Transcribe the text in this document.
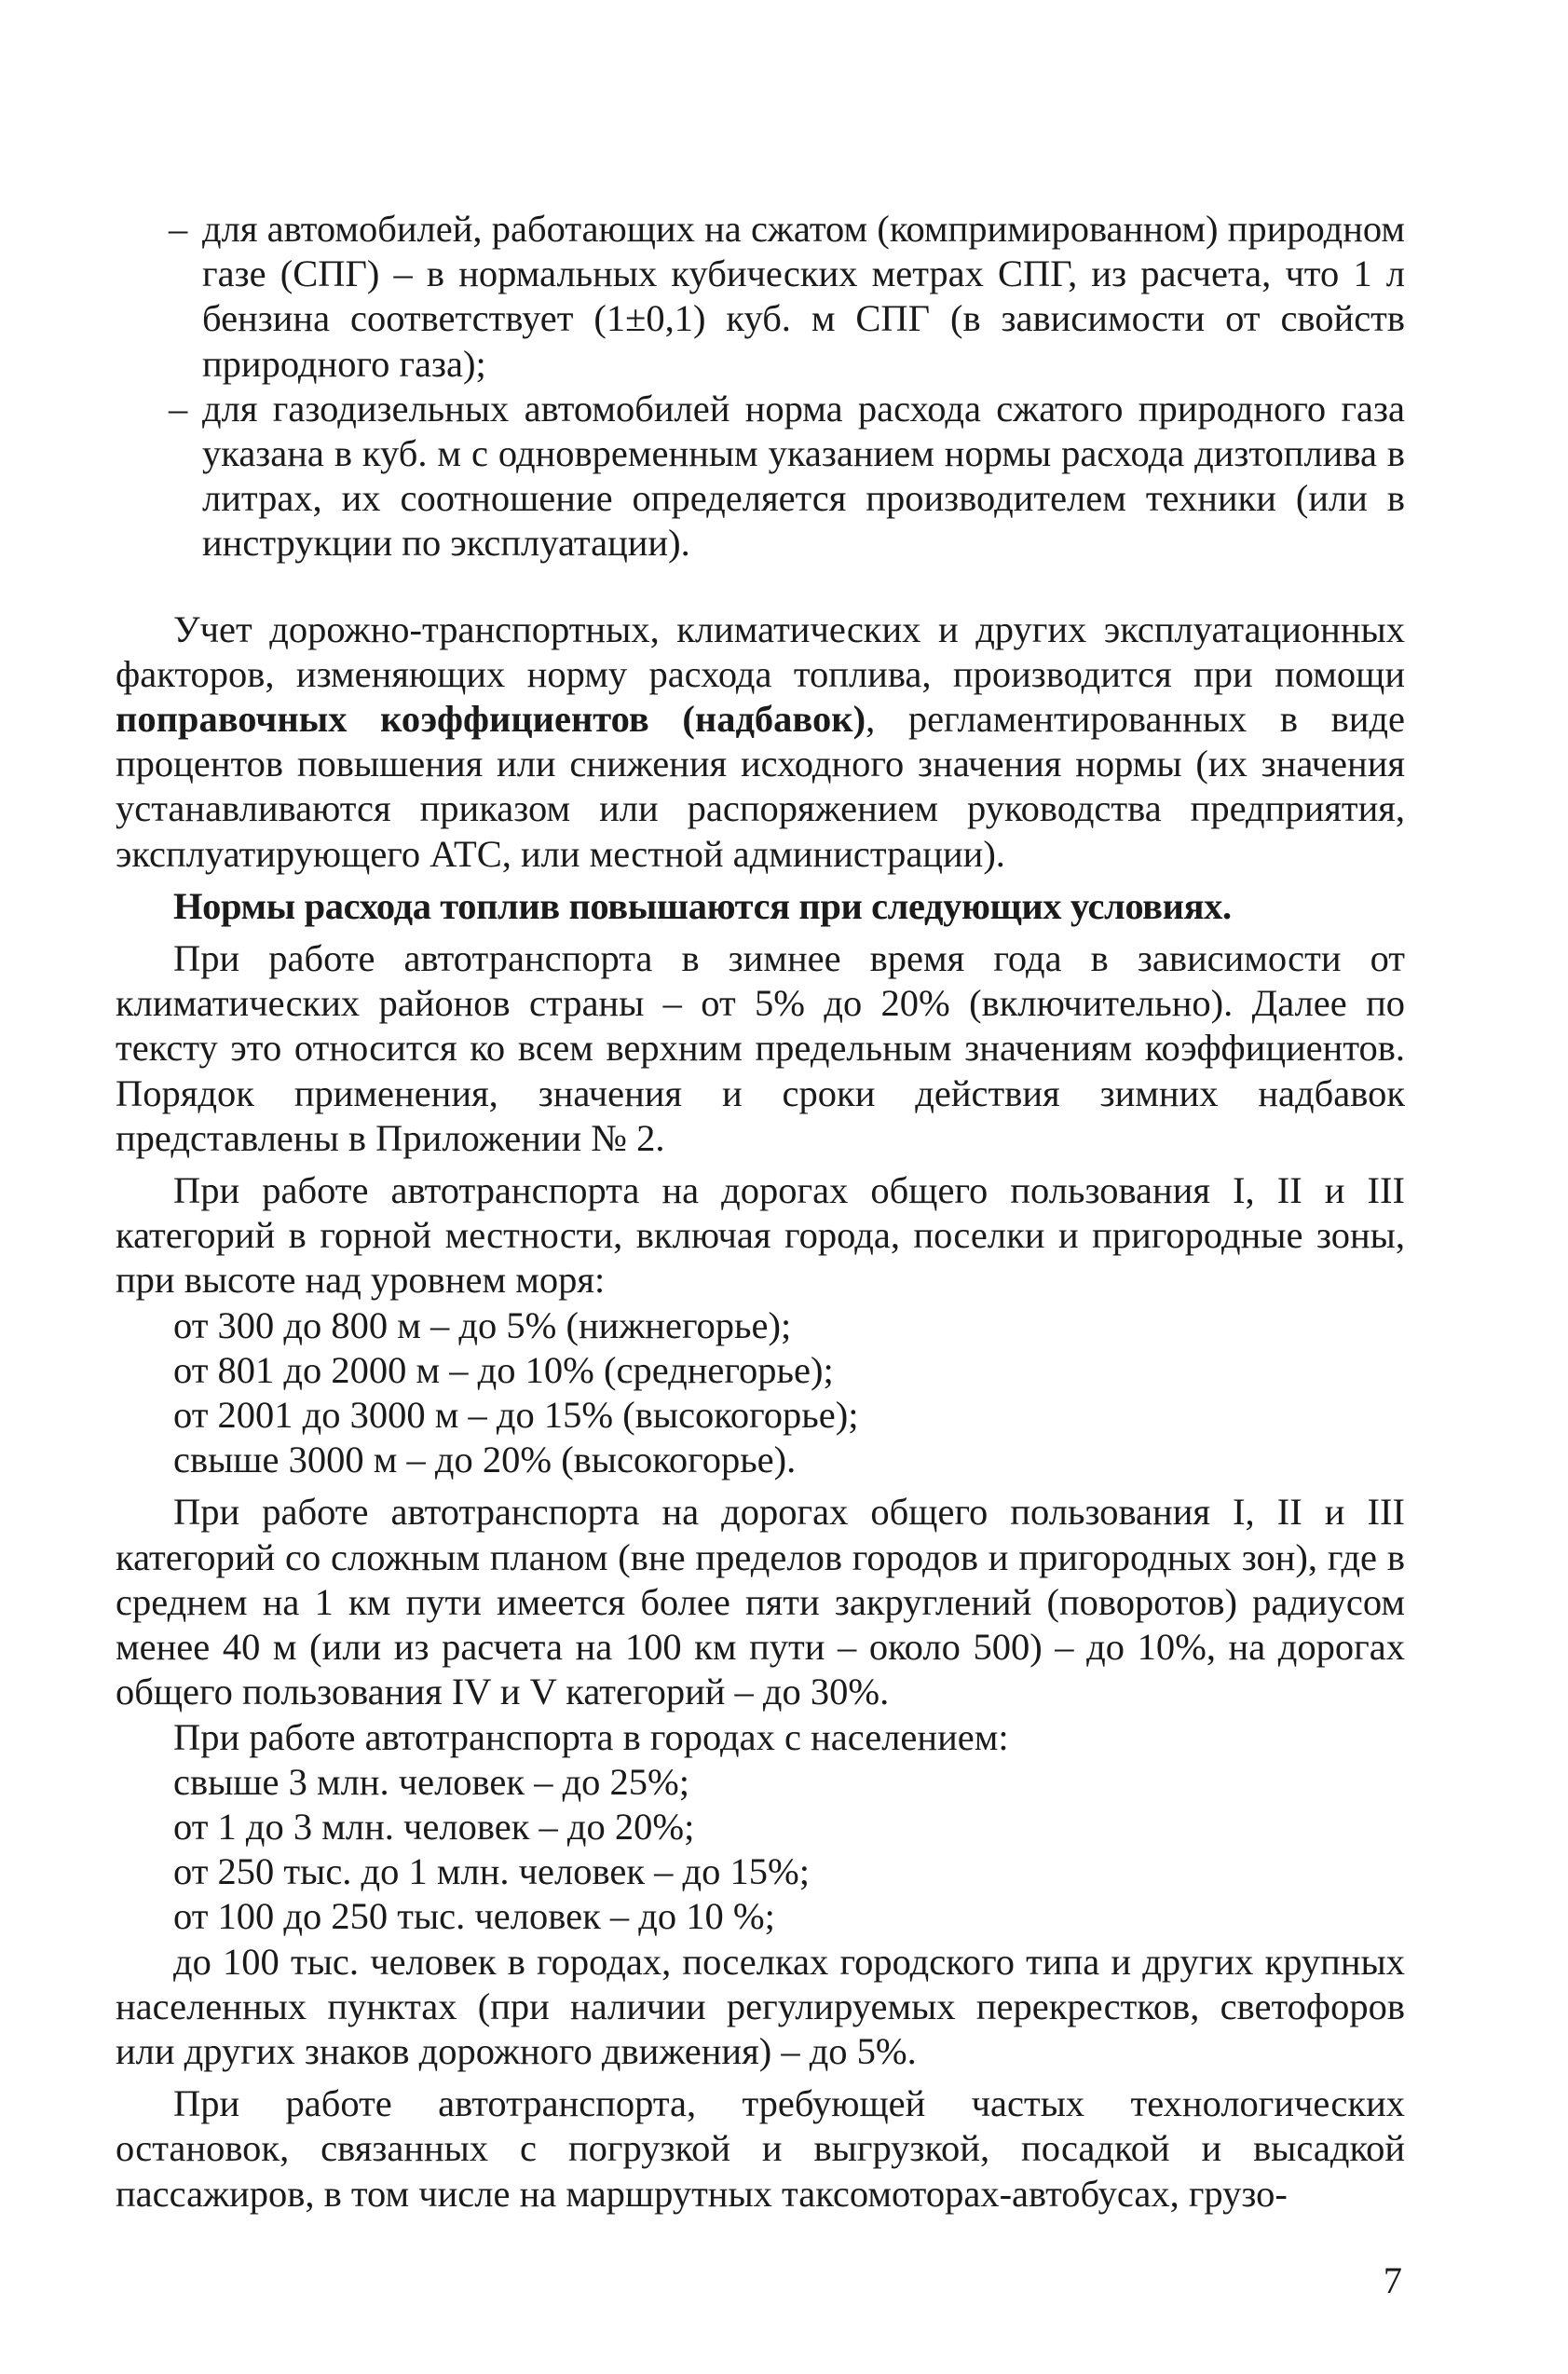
– для автомобилей, работающих на сжатом (компримированном) природном газе (СПГ) – в нормальных кубических метрах СПГ, из расчета, что 1 л бензина соответствует (1±0,1) куб. м СПГ (в зависимости от свойств природного газа);
– для газодизельных автомобилей норма расхода сжатого природного газа указана в куб. м с одновременным указанием нормы расхода дизтоплива в литрах, их соотношение определяется производителем техники (или в инструкции по эксплуатации).

Учет дорожно-транспортных, климатических и других эксплуатационных факторов, изменяющих норму расхода топлива, производится при помощи поправочных коэффициентов (надбавок), регламентированных в виде процентов повышения или снижения исходного значения нормы (их значения устанавливаются приказом или распоряжением руководства предприятия, эксплуатирующего АТС, или местной администрации).

Нормы расхода топлив повышаются при следующих условиях.

При работе автотранспорта в зимнее время года в зависимости от климатических районов страны – от 5% до 20% (включительно). Далее по тексту это относится ко всем верхним предельным значениям коэффициентов. Порядок применения, значения и сроки действия зимних надбавок представлены в Приложении № 2.

При работе автотранспорта на дорогах общего пользования I, II и III категорий в горной местности, включая города, поселки и пригородные зоны, при высоте над уровнем моря:

от 300 до 800 м – до 5% (нижнегорье);
от 801 до 2000 м – до 10% (среднегорье);
от 2001 до 3000 м – до 15% (высокогорье);
свыше 3000 м – до 20% (высокогорье).

При работе автотранспорта на дорогах общего пользования I, II и III категорий со сложным планом (вне пределов городов и пригородных зон), где в среднем на 1 км пути имеется более пяти закруглений (поворотов) радиусом менее 40 м (или из расчета на 100 км пути – около 500) – до 10%, на дорогах общего пользования IV и V категорий – до 30%.

При работе автотранспорта в городах с населением:
свыше 3 млн. человек – до 25%;
от 1 до 3 млн. человек – до 20%;
от 250 тыс. до 1 млн. человек – до 15%;
от 100 до 250 тыс. человек – до 10 %;

до 100 тыс. человек в городах, поселках городского типа и других крупных населенных пунктах (при наличии регулируемых перекрестков, светофоров или других знаков дорожного движения) – до 5%.

При работе автотранспорта, требующей частых технологических остановок, связанных с погрузкой и выгрузкой, посадкой и высадкой пассажиров, в том числе на маршрутных таксомоторах-автобусах, грузо-

7
